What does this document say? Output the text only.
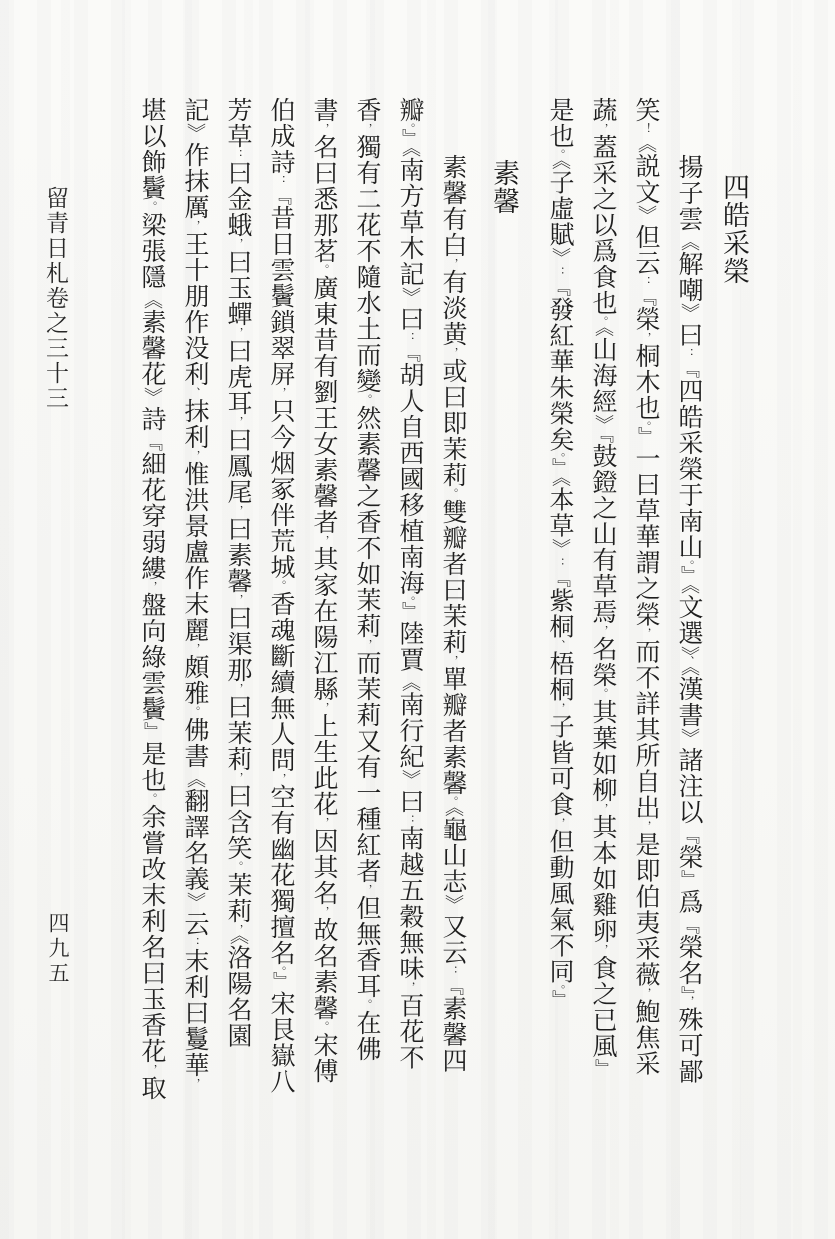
留青日札卷之三十三
四九五
四皓采榮
揚子雲《解嘲》曰：『四皓采榮于南山。』《文選》、《漢書》諸注以『榮』爲『榮名』，殊可鄙
笑！《説文》但云：『榮，桐木也。』一曰草華謂之榮，而不詳其所自出，是即伯夷采薇，鮑焦采
蔬，蓋采之以爲食也。《山海經》『鼓鐙之山有草焉，名榮。其葉如柳，其本如雞卵，食之已風』
是也。《子虛賦》：『發紅華朱榮矣。』《本草》：『紫桐、梧桐，子皆可食，但動風氣不同。』
素馨
素馨有白，有淡黄，或曰即茉莉。雙瓣者曰茉莉，單瓣者素馨。《龜山志》又云：『素馨四
瓣。』《南方草木記》曰：『胡人自西國移植南海。』陸賈《南行紀》曰：南越五穀無味，百花不
香，獨有二花不隨水土而變。然素馨之香不如茉莉，而茉莉又有一種紅者，但無香耳。在佛
書，名曰悉那茗。廣東昔有劉王女素馨者，其家在陽江縣，上生此花，因其名，故名素馨。宋傅
伯成詩：『昔日雲鬢鎖翠屏，只今烟冢伴荒城。香魂斷續無人問，空有幽花獨擅名。』宋艮嶽八
芳草：曰金蛾，曰玉蟬，曰虎耳，曰鳳尾，曰素馨，曰渠那，曰茉莉，曰含笑。茉莉，《洛陽名園
記》作抹厲，王十朋作没利、抹利，惟洪景盧作末麗，頗雅。佛書《翻譯名義》云：末利曰鬘華，
堪以飾鬢。梁張隱《素馨花》詩『細花穿弱縷，盤向綠雲鬢』是也。余嘗改末利名曰玉香花，取
